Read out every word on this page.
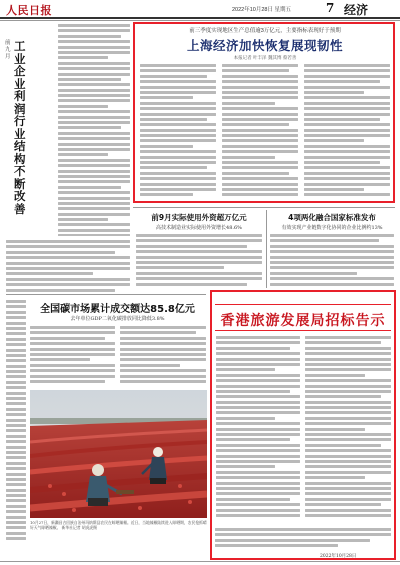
人民日报	2022年10月28日 星期五	7 经济
前九月
工业企业利润行业结构不断改善
前三季度实现地区生产总值逾3万亿元，主要指标表现好于预期
上海经济加快恢复展现韧性
本报记者 叶丰泽 魏其博 蔡若善
前9月实际使用外资超万亿元
高技术制造业实际使用外资增长48.6%
4项两化融合国家标准发布
有效实现产业链数字化协同的企业比例约13%
全国碳市场累计成交额达85.8亿元
去年单位GDP二氧化碳排放同比降低3.8%
10月27日，新疆昌吉回族自治州玛纳斯县农民在晾晒辣椒。近日，当地辣椒陆续进入晾晒期，农民抢抓晴好天气晾晒辣椒。 新华社记者 胡虎虎摄
香港旅游发展局招标告示
2022年10月28日
